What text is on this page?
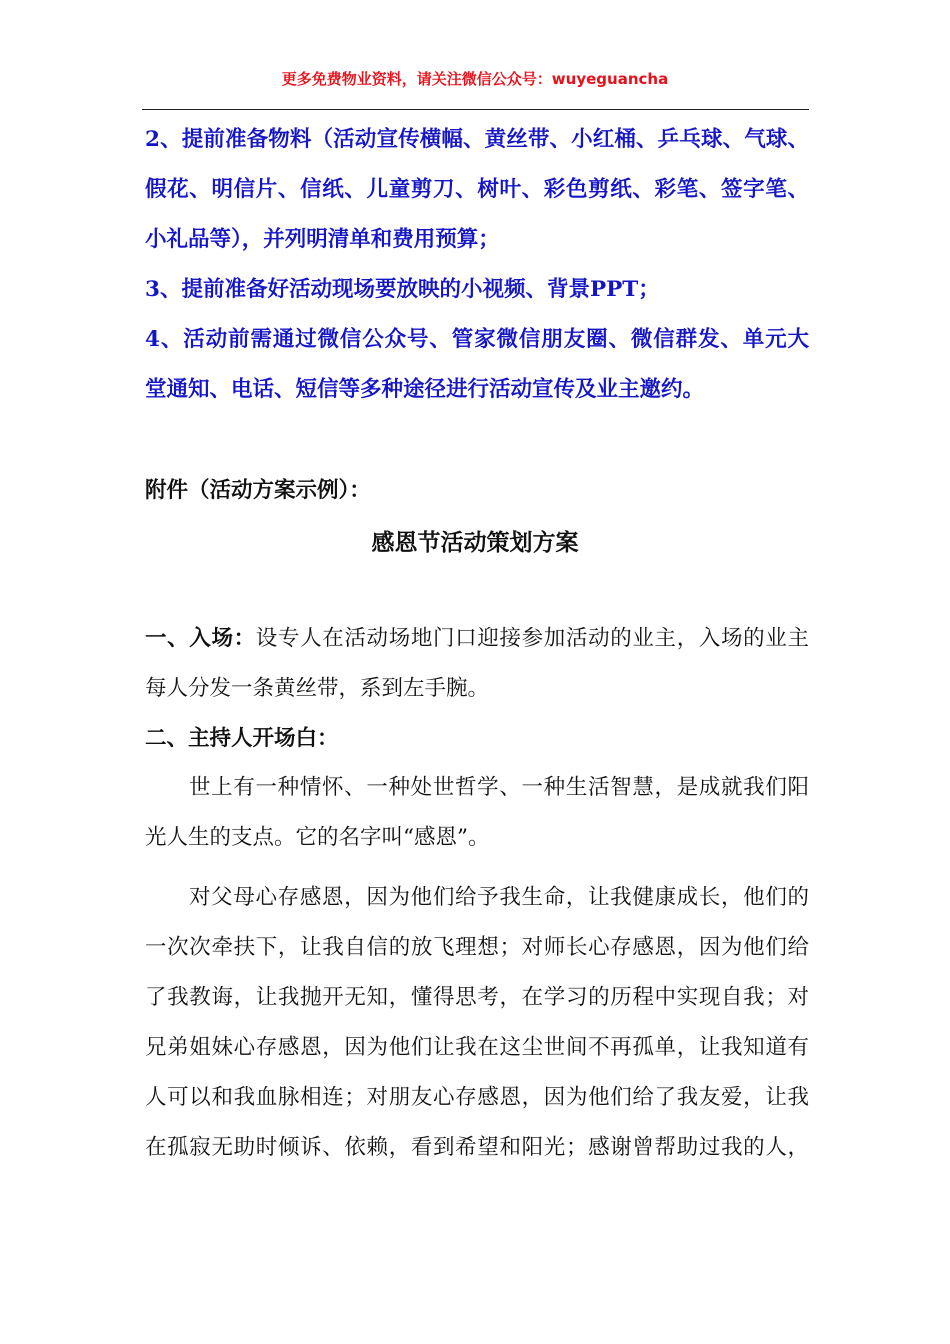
更多免费物业资料，请关注微信公众号：wuyeguancha
2、提前准备物料（活动宣传横幅、黄丝带、小红桶、乒乓球、气球、
假花、明信片、信纸、儿童剪刀、树叶、彩色剪纸、彩笔、签字笔、
小礼品等），并列明清单和费用预算；
3、提前准备好活动现场要放映的小视频、背景PPT；
4、活动前需通过微信公众号、管家微信朋友圈、微信群发、单元大
堂通知、电话、短信等多种途径进行活动宣传及业主邀约。
附件（活动方案示例）：
感恩节活动策划方案
一、入场：设专人在活动场地门口迎接参加活动的业主，入场的业主
每人分发一条黄丝带，系到左手腕。
二、主持人开场白：
世上有一种情怀、一种处世哲学、一种生活智慧，是成就我们阳
光人生的支点。它的名字叫“感恩”。
对父母心存感恩，因为他们给予我生命，让我健康成长，他们的
一次次牵扶下，让我自信的放飞理想；对师长心存感恩，因为他们给
了我教诲，让我抛开无知，懂得思考，在学习的历程中实现自我；对
兄弟姐妹心存感恩，因为他们让我在这尘世间不再孤单，让我知道有
人可以和我血脉相连；对朋友心存感恩，因为他们给了我友爱，让我
在孤寂无助时倾诉、依赖，看到希望和阳光；感谢曾帮助过我的人，
